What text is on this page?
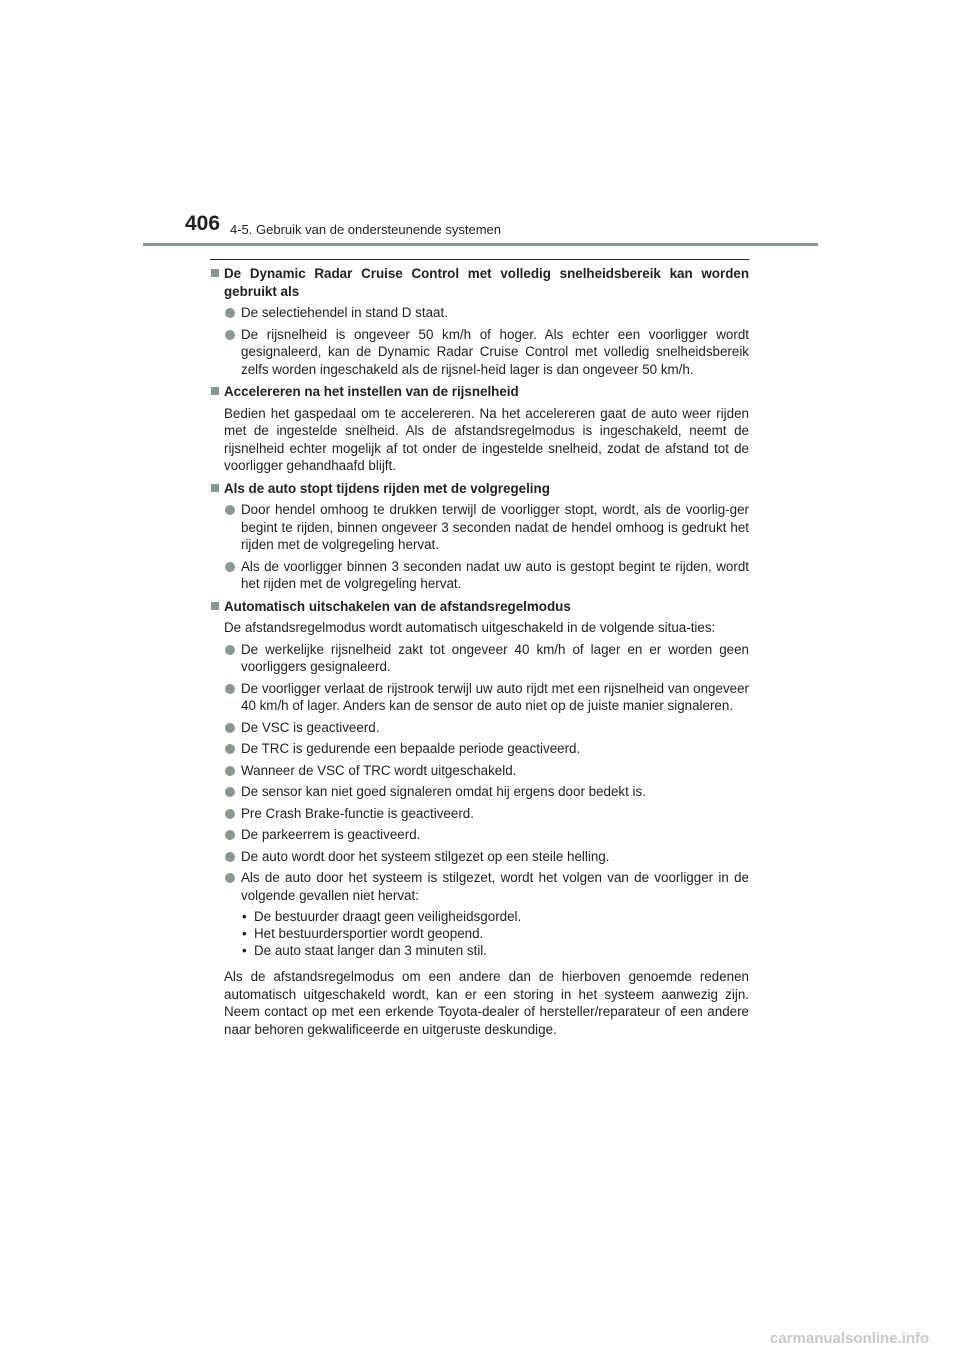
406 4-5. Gebruik van de ondersteunende systemen
De Dynamic Radar Cruise Control met volledig snelheidsbereik kan worden gebruikt als
De selectiehendel in stand D staat.
De rijsnelheid is ongeveer 50 km/h of hoger. Als echter een voorligger wordt gesignaleerd, kan de Dynamic Radar Cruise Control met volledig snelheidsbereik zelfs worden ingeschakeld als de rijsnel-heid lager is dan ongeveer 50 km/h.
Accelereren na het instellen van de rijsnelheid

Bedien het gaspedaal om te accelereren. Na het accelereren gaat de auto weer rijden met de ingestelde snelheid. Als de afstandsregelmodus is ingeschakeld, neemt de rijsnelheid echter mogelijk af tot onder de ingestelde snelheid, zodat de afstand tot de voorligger gehandhaafd blijft.

Als de auto stopt tijdens rijden met de volgregeling
Door hendel omhoog te drukken terwijl de voorligger stopt, wordt, als de voorlig-ger begint te rijden, binnen ongeveer 3 seconden nadat de hendel omhoog is gedrukt het rijden met de volgregeling hervat.
Als de voorligger binnen 3 seconden nadat uw auto is gestopt begint te rijden, wordt het rijden met de volgregeling hervat.
Automatisch uitschakelen van de afstandsregelmodus

De afstandsregelmodus wordt automatisch uitgeschakeld in de volgende situa-ties:

De werkelijke rijsnelheid zakt tot ongeveer 40 km/h of lager en er worden geen voorliggers gesignaleerd.
De voorligger verlaat de rijstrook terwijl uw auto rijdt met een rijsnelheid van ongeveer 40 km/h of lager. Anders kan de sensor de auto niet op de juiste manier signaleren.
De VSC is geactiveerd.
De TRC is gedurende een bepaalde periode geactiveerd.
Wanneer de VSC of TRC wordt uitgeschakeld.
De sensor kan niet goed signaleren omdat hij ergens door bedekt is.
Pre Crash Brake-functie is geactiveerd.
De parkeerrem is geactiveerd.
De auto wordt door het systeem stilgezet op een steile helling.
Als de auto door het systeem is stilgezet, wordt het volgen van de voorligger in de volgende gevallen niet hervat:
• De bestuurder draagt geen veiligheidsgordel.
• Het bestuurdersportier wordt geopend.
• De auto staat langer dan 3 minuten stil.

Als de afstandsregelmodus om een andere dan de hierboven genoemde redenen automatisch uitgeschakeld wordt, kan er een storing in het systeem aanwezig zijn. Neem contact op met een erkende Toyota-dealer of hersteller/reparateur of een andere naar behoren gekwalificeerde en uitgeruste deskundige.

carmanualsonline.info
